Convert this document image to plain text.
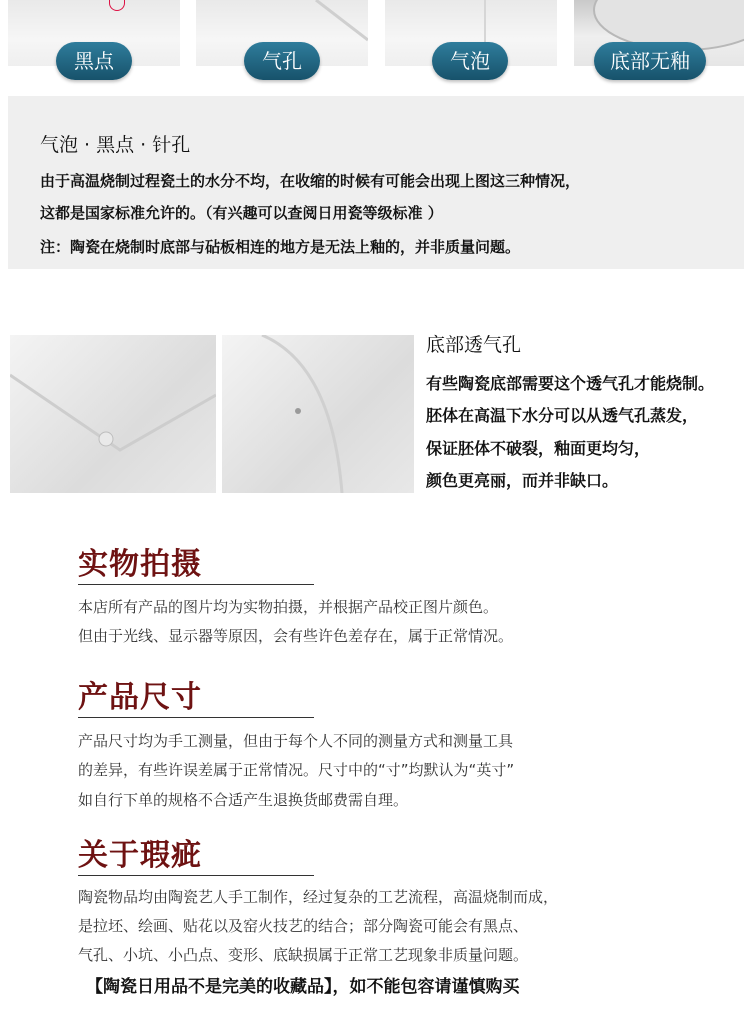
黑点	气孔	气泡	底部无釉
气泡 · 黑点 · 针孔
由于高温烧制过程瓷土的水分不均，在收缩的时候有可能会出现上图这三种情况，
这都是国家标准允许的。（有兴趣可以查阅日用瓷等级标准 ）
注：陶瓷在烧制时底部与砧板相连的地方是无法上釉的，并非质量问题。
底部透气孔
有些陶瓷底部需要这个透气孔才能烧制。
胚体在高温下水分可以从透气孔蒸发，
保证胚体不破裂，釉面更均匀，
颜色更亮丽，而并非缺口。
实物拍摄
本店所有产品的图片均为实物拍摄，并根据产品校正图片颜色。
但由于光线、显示器等原因，会有些许色差存在，属于正常情况。
产品尺寸
产品尺寸均为手工测量，但由于每个人不同的测量方式和测量工具
的差异，有些许误差属于正常情况。尺寸中的“寸”均默认为“英寸”
如自行下单的规格不合适产生退换货邮费需自理。
关于瑕疵
陶瓷物品均由陶瓷艺人手工制作，经过复杂的工艺流程，高温烧制而成，
是拉坯、绘画、贴花以及窑火技艺的结合；部分陶瓷可能会有黑点、
气孔、小坑、小凸点、变形、底缺损属于正常工艺现象非质量问题。
【陶瓷日用品不是完美的收藏品】，如不能包容请谨慎购买
